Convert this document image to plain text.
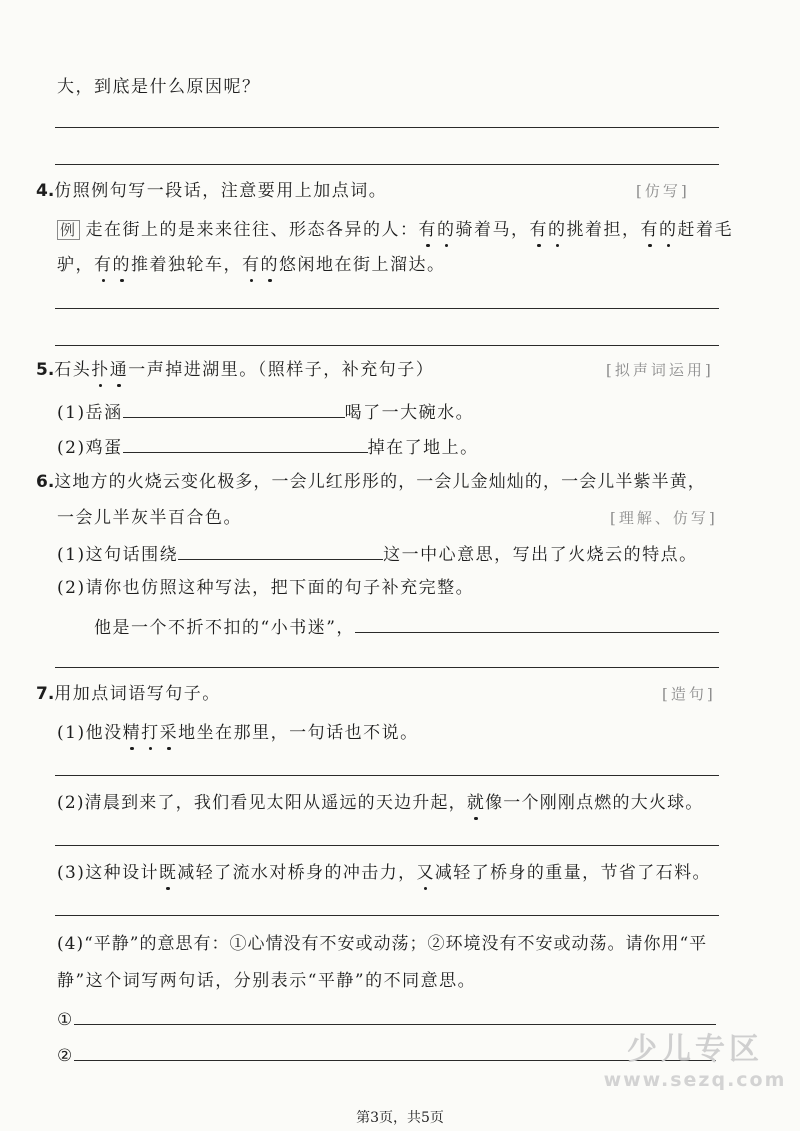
大，到底是什么原因呢？
4.仿照例句写一段话，注意要用上加点词。	[仿写]
例 走在街上的是来来往往、形态各异的人：有的骑着马，有的挑着担，有的赶着毛
驴，有的推着独轮车，有的悠闲地在街上溜达。
5.石头扑通一声掉进湖里。（照样子，补充句子）	[拟声词运用]
(1)岳涵	喝了一大碗水。
(2)鸡蛋	掉在了地上。
6.这地方的火烧云变化极多，一会儿红彤彤的，一会儿金灿灿的，一会儿半紫半黄，
一会儿半灰半百合色。	[理解、仿写]
(1)这句话围绕	这一中心意思，写出了火烧云的特点。
(2)请你也仿照这种写法，把下面的句子补充完整。
他是一个不折不扣的“小书迷”，
7.用加点词语写句子。	[造句]
(1)他没精打采地坐在那里，一句话也不说。
(2)清晨到来了，我们看见太阳从遥远的天边升起，就像一个刚刚点燃的大火球。
(3)这种设计既减轻了流水对桥身的冲击力，又减轻了桥身的重量，节省了石料。
(4)“平静”的意思有：①心情没有不安或动荡；②环境没有不安或动荡。请你用“平
静”这个词写两句话，分别表示“平静”的不同意思。
①
②	少儿专区
www.sezq.com
第3页，共5页
